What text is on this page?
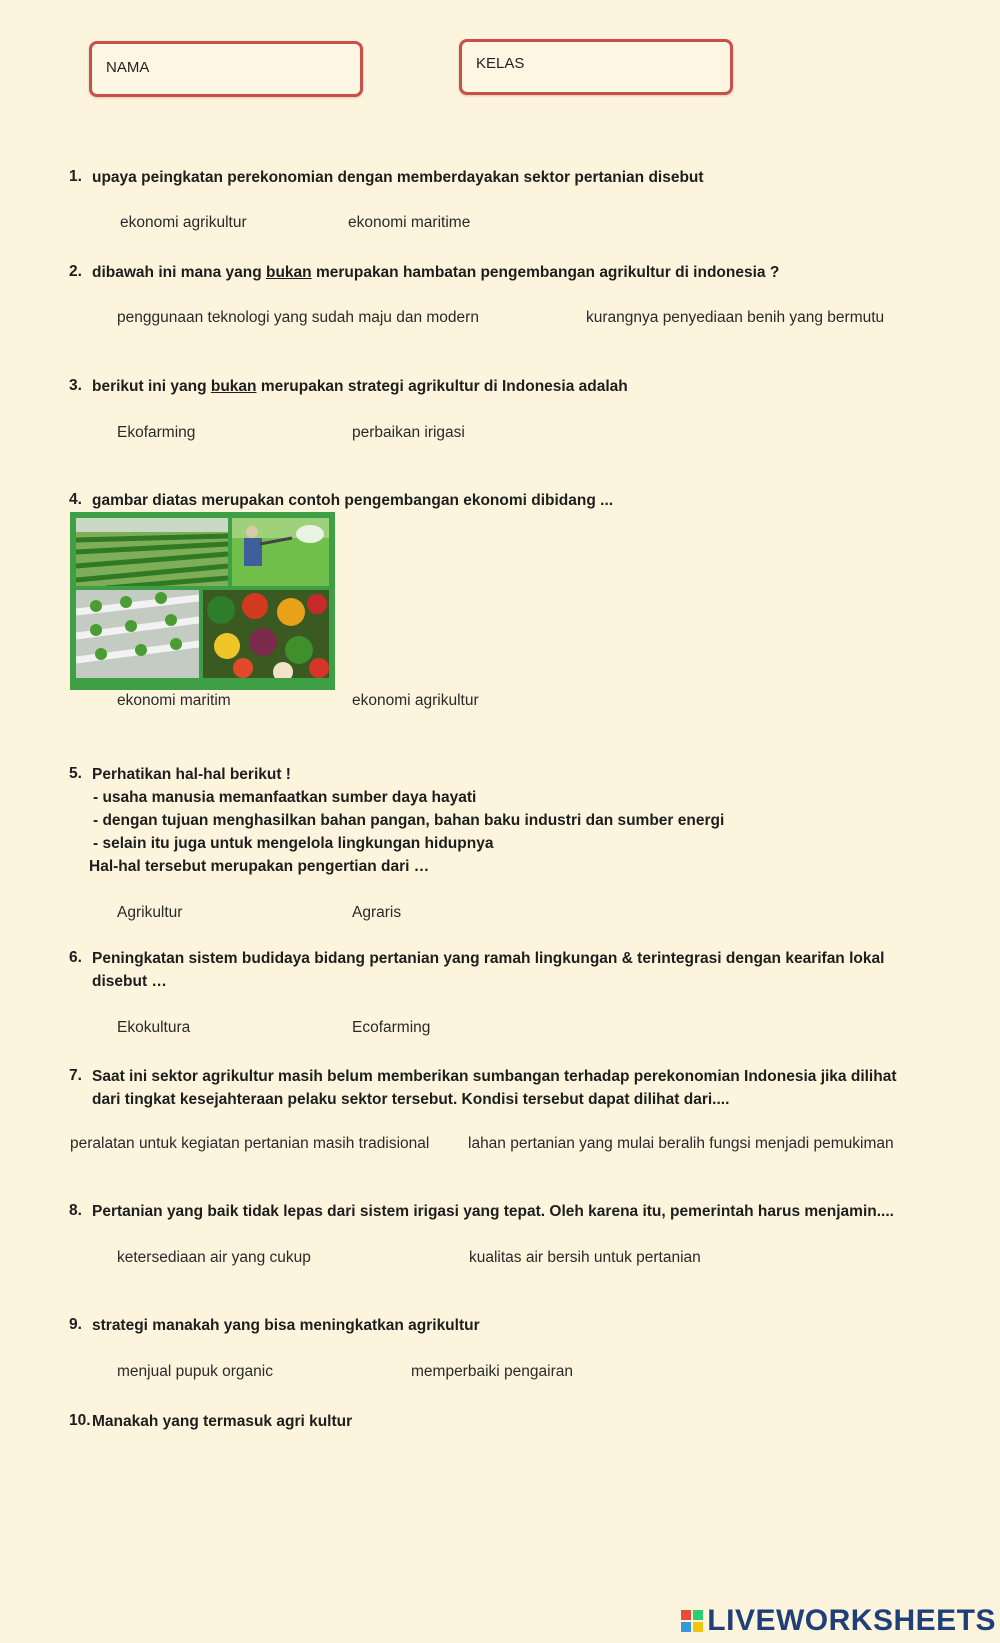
NAMA	KELAS
1. upaya peingkatan perekonomian dengan memberdayakan sektor pertanian disebut
ekonomi agrikultur	ekonomi maritime
2. dibawah ini mana yang bukan merupakan hambatan pengembangan agrikultur di indonesia ?
penggunaan teknologi yang sudah maju dan modern	kurangnya penyediaan benih yang bermutu
3. berikut ini yang bukan merupakan strategi agrikultur di Indonesia adalah
Ekofarming	perbaikan irigasi
4. gambar diatas merupakan contoh pengembangan ekonomi dibidang ...
ekonomi maritim	ekonomi agrikultur
5. Perhatikan hal-hal berikut !
- usaha manusia memanfaatkan sumber daya hayati
- dengan tujuan menghasilkan bahan pangan, bahan baku industri dan sumber energi
- selain itu juga untuk mengelola lingkungan hidupnya
Hal-hal tersebut merupakan pengertian dari …
Agrikultur	Agraris
6. Peningkatan sistem budidaya bidang pertanian yang ramah lingkungan & terintegrasi dengan kearifan lokal
disebut …
Ekokultura	Ecofarming
7. Saat ini sektor agrikultur masih belum memberikan sumbangan terhadap perekonomian Indonesia jika dilihat
dari tingkat kesejahteraan pelaku sektor tersebut. Kondisi tersebut dapat dilihat dari....
peralatan untuk kegiatan pertanian masih tradisional lahan pertanian yang mulai beralih fungsi menjadi pemukiman
8. Pertanian yang baik tidak lepas dari sistem irigasi yang tepat. Oleh karena itu, pemerintah harus menjamin....
ketersediaan air yang cukup	kualitas air bersih untuk pertanian
9. strategi manakah yang bisa meningkatkan agrikultur
menjual pupuk organic	memperbaiki pengairan
10. Manakah yang termasuk agri kultur
LIVEWORKSHEETS
